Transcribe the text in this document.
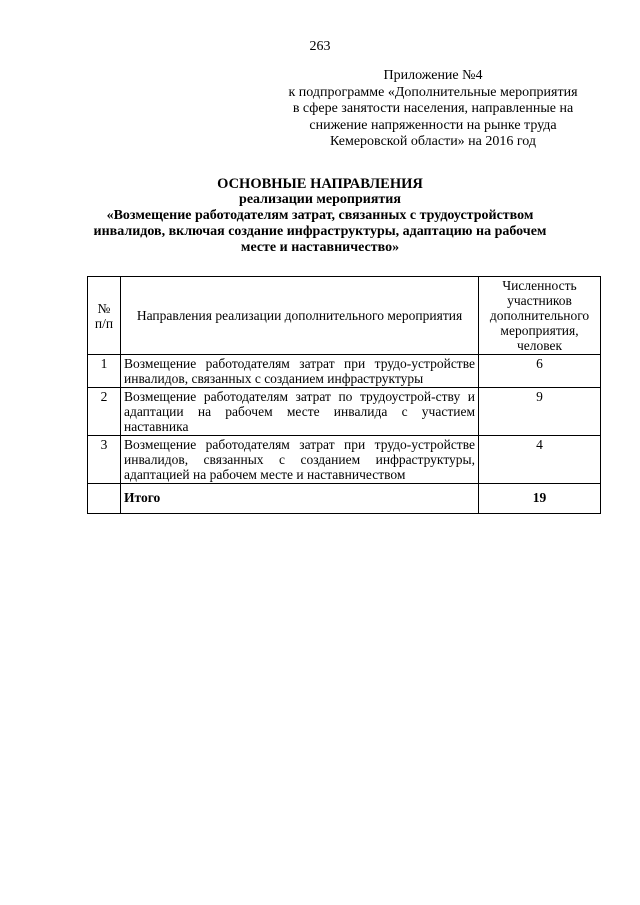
263
Приложение №4
к подпрограмме «Дополнительные мероприятия
в сфере занятости населения, направленные на
снижение напряженности на рынке труда
Кемеровской области» на 2016 год
ОСНОВНЫЕ НАПРАВЛЕНИЯ
реализации мероприятия
«Возмещение работодателям затрат, связанных с трудоустройством
инвалидов, включая создание инфраструктуры, адаптацию на рабочем
месте и наставничество»
№ п/п	Направления реализации дополнительного мероприятия	Численность участников дополнительного мероприятия, человек
1	Возмещение работодателям затрат при трудо-устройстве инвалидов, связанных с созданием инфраструктуры	6
2	Возмещение работодателям затрат по трудоустрой-ству и адаптации на рабочем месте инвалида с участием наставника	9
3	Возмещение работодателям затрат при трудо-устройстве инвалидов, связанных с созданием инфраструктуры, адаптацией на рабочем месте и наставничеством	4
	Итого	19
